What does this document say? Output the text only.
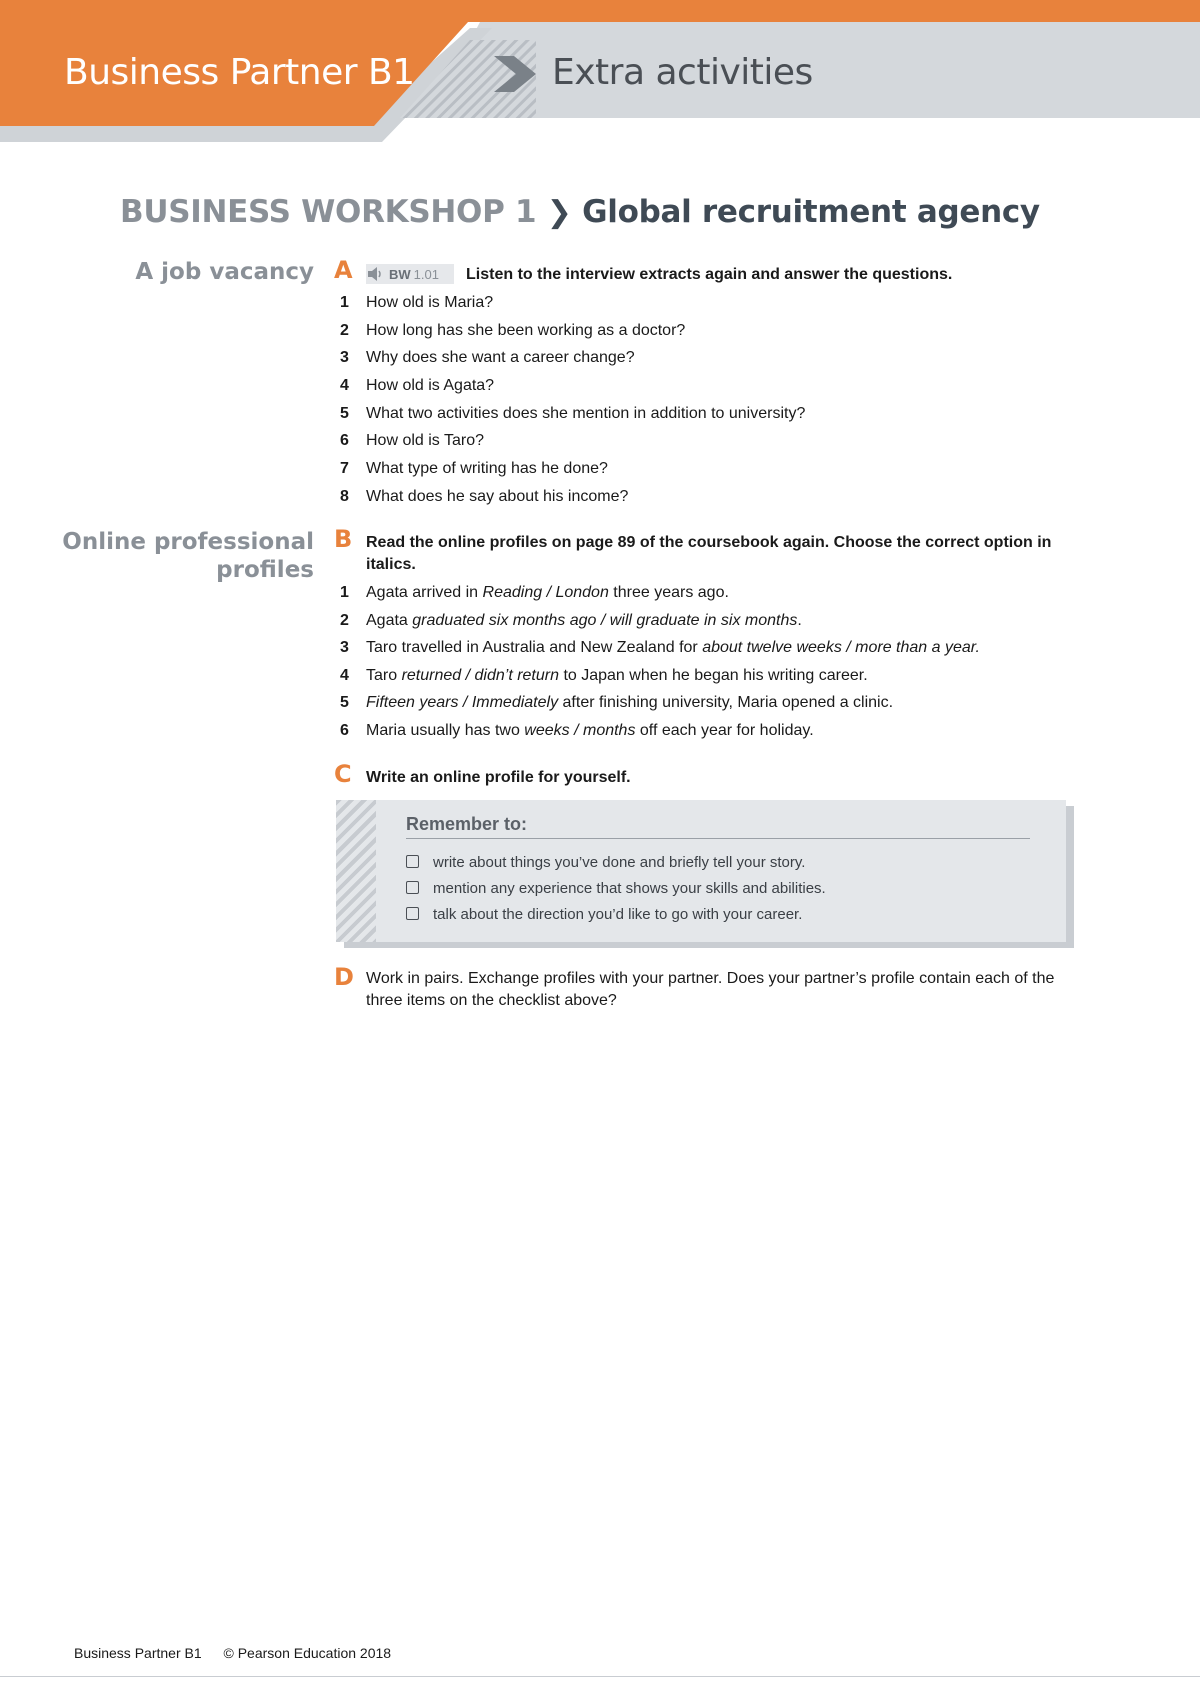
Business Partner B1	Extra activities
BUSINESS WORKSHOP 1 ❯ Global recruitment agency
A job vacancy
Online professional
profiles
A	BW 1.01 Listen to the interview extracts again and answer the questions.
1 How old is Maria?
2 How long has she been working as a doctor?
3 Why does she want a career change?
4 How old is Agata?
5 What two activities does she mention in addition to university?
6 How old is Taro?
7 What type of writing has he done?
8 What does he say about his income?
B Read the online profiles on page 89 of the coursebook again. Choose the correct option in italics.
1 Agata arrived in Reading / London three years ago.
2 Agata graduated six months ago / will graduate in six months.
3 Taro travelled in Australia and New Zealand for about twelve weeks / more than a year.
4 Taro returned / didn’t return to Japan when he began his writing career.
5 Fifteen years / Immediately after finishing university, Maria opened a clinic.
6 Maria usually has two weeks / months off each year for holiday.
C Write an online profile for yourself.
Remember to:
write about things you’ve done and briefly tell your story.
mention any experience that shows your skills and abilities.
talk about the direction you’d like to go with your career.
D Work in pairs. Exchange profiles with your partner. Does your partner’s profile contain each of the three items on the checklist above?
Business Partner B1 © Pearson Education 2018
